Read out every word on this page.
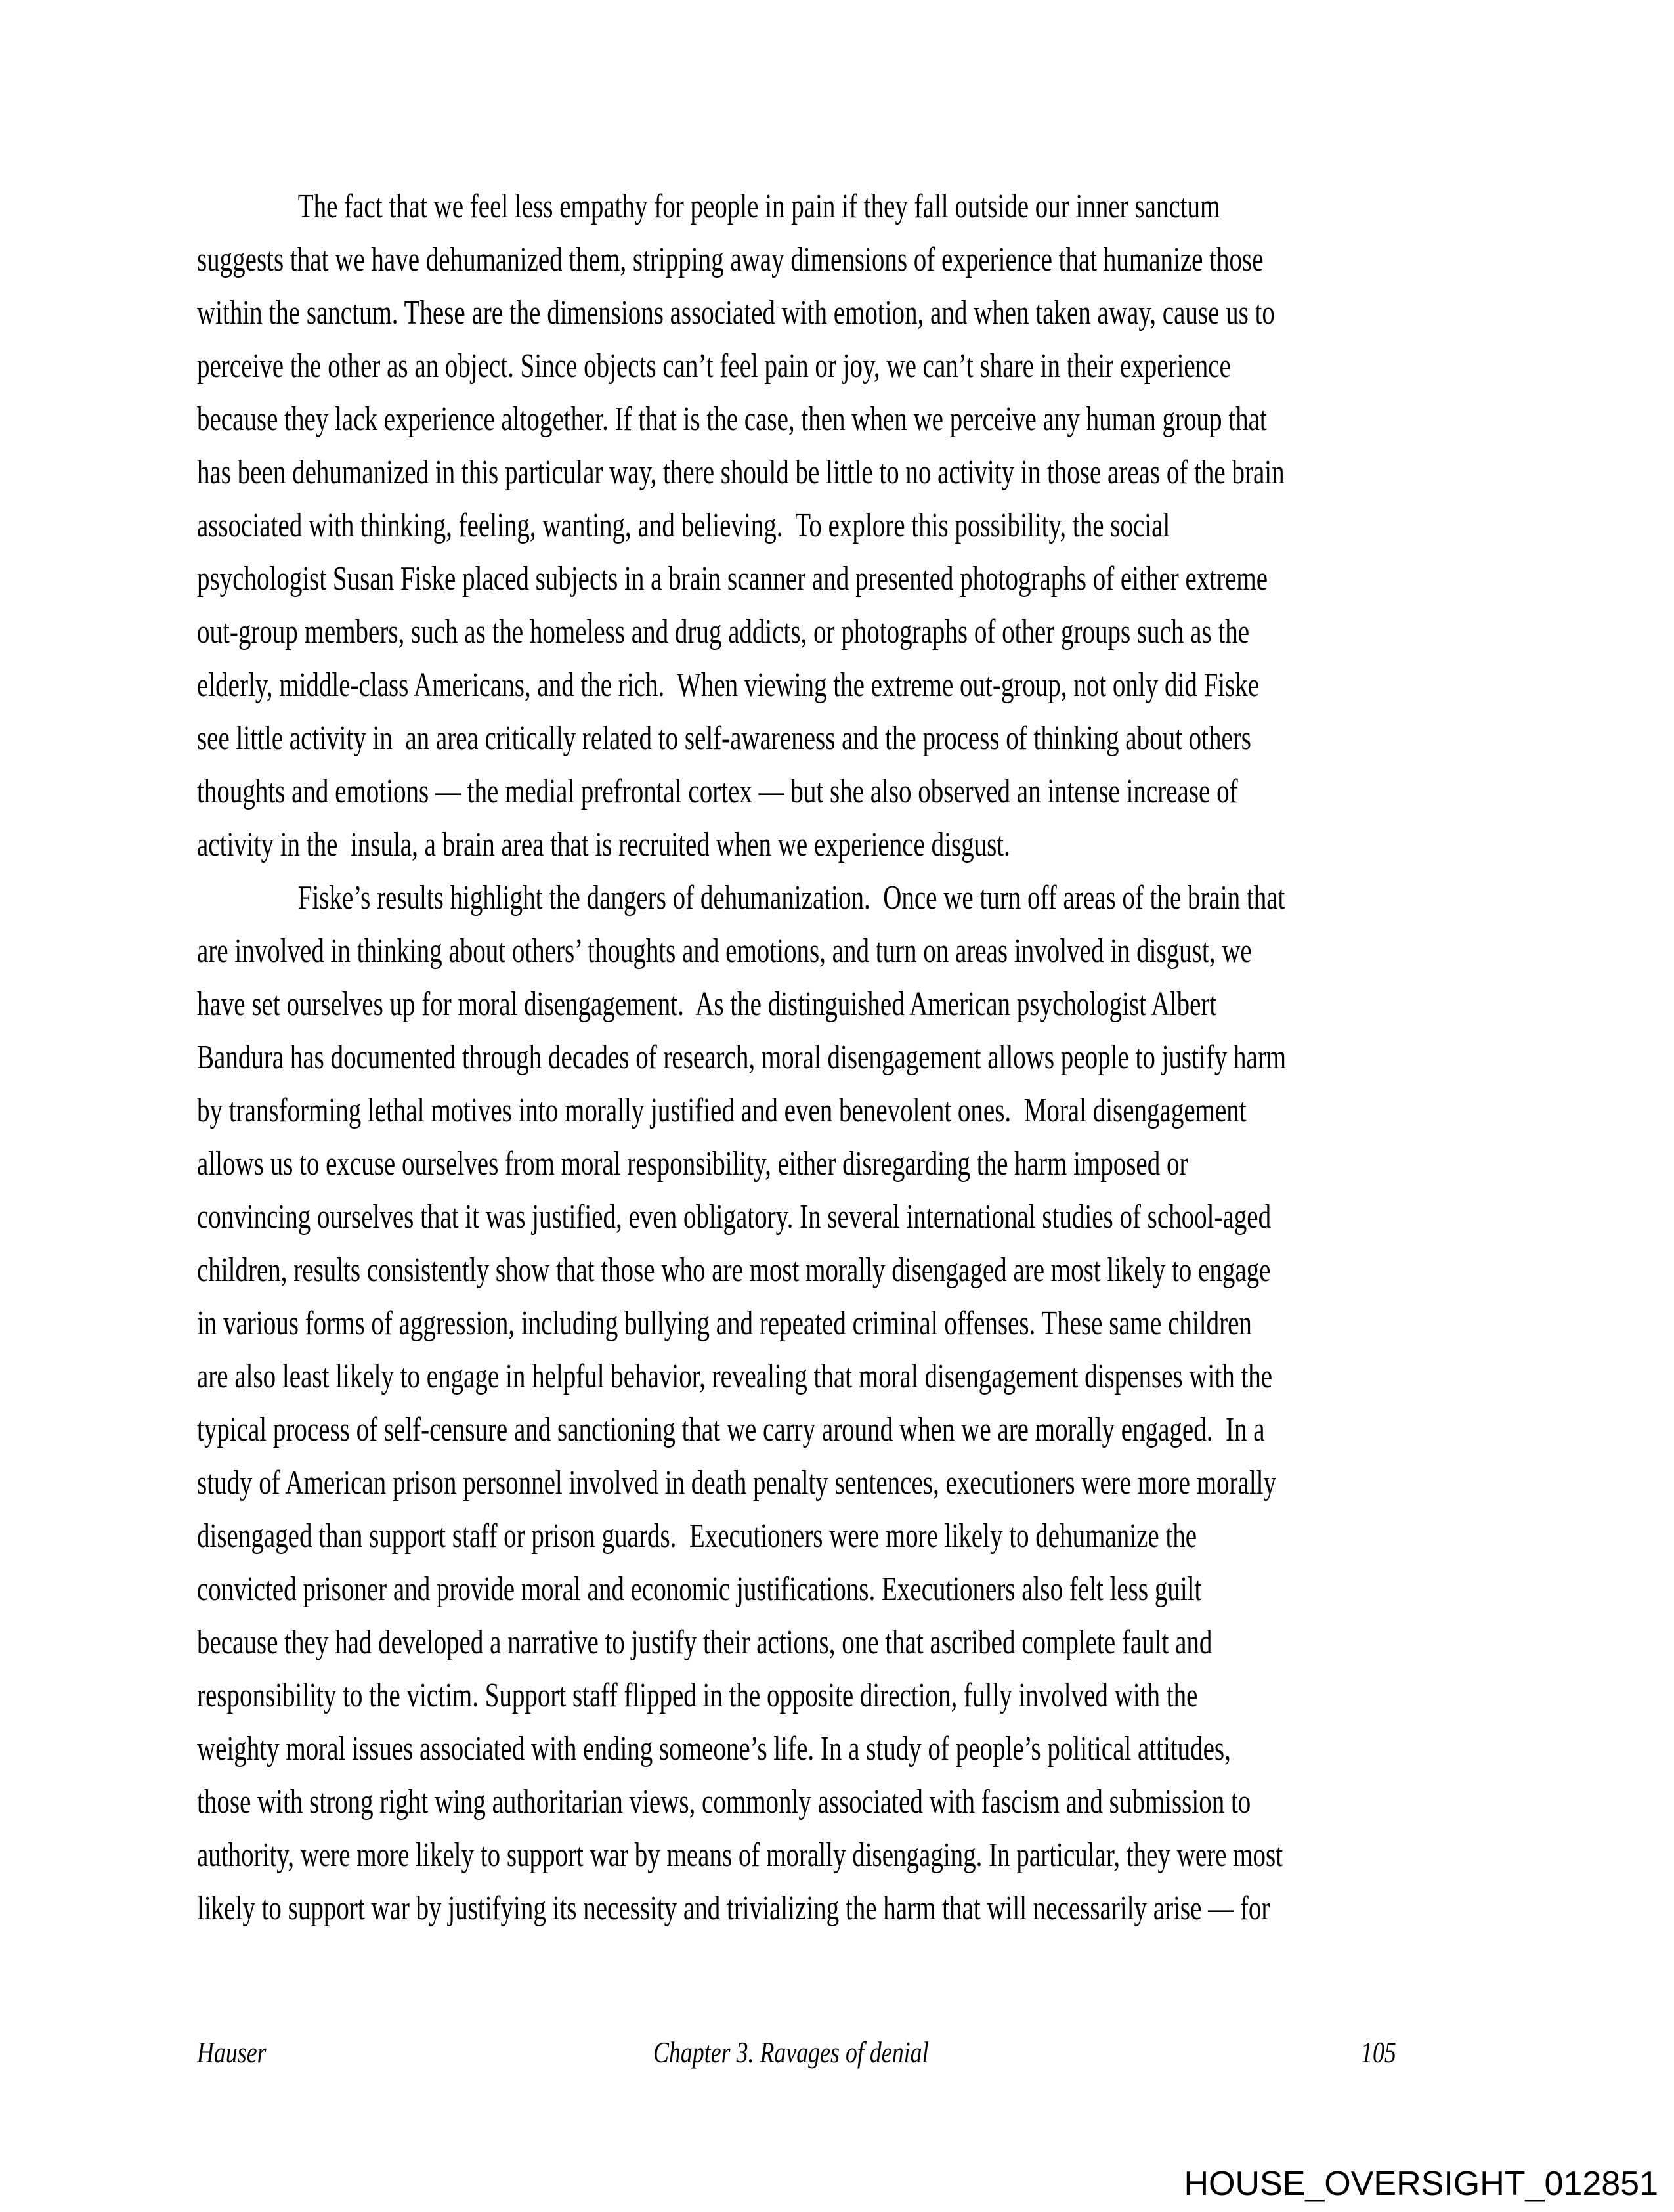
The fact that we feel less empathy for people in pain if they fall outside our inner sanctum
suggests that we have dehumanized them, stripping away dimensions of experience that humanize those
within the sanctum. These are the dimensions associated with emotion, and when taken away, cause us to
perceive the other as an object. Since objects can’t feel pain or joy, we can’t share in their experience
because they lack experience altogether. If that is the case, then when we perceive any human group that
has been dehumanized in this particular way, there should be little to no activity in those areas of the brain
associated with thinking, feeling, wanting, and believing.  To explore this possibility, the social
psychologist Susan Fiske placed subjects in a brain scanner and presented photographs of either extreme
out-group members, such as the homeless and drug addicts, or photographs of other groups such as the
elderly, middle-class Americans, and the rich.  When viewing the extreme out-group, not only did Fiske
see little activity in  an area critically related to self-awareness and the process of thinking about others
thoughts and emotions — the medial prefrontal cortex — but she also observed an intense increase of
activity in the  insula, a brain area that is recruited when we experience disgust.
Fiske’s results highlight the dangers of dehumanization.  Once we turn off areas of the brain that
are involved in thinking about others’ thoughts and emotions, and turn on areas involved in disgust, we
have set ourselves up for moral disengagement.  As the distinguished American psychologist Albert
Bandura has documented through decades of research, moral disengagement allows people to justify harm
by transforming lethal motives into morally justified and even benevolent ones.  Moral disengagement
allows us to excuse ourselves from moral responsibility, either disregarding the harm imposed or
convincing ourselves that it was justified, even obligatory. In several international studies of school-aged
children, results consistently show that those who are most morally disengaged are most likely to engage
in various forms of aggression, including bullying and repeated criminal offenses. These same children
are also least likely to engage in helpful behavior, revealing that moral disengagement dispenses with the
typical process of self-censure and sanctioning that we carry around when we are morally engaged.  In a
study of American prison personnel involved in death penalty sentences, executioners were more morally
disengaged than support staff or prison guards.  Executioners were more likely to dehumanize the
convicted prisoner and provide moral and economic justifications. Executioners also felt less guilt
because they had developed a narrative to justify their actions, one that ascribed complete fault and
responsibility to the victim. Support staff flipped in the opposite direction, fully involved with the
weighty moral issues associated with ending someone’s life. In a study of people’s political attitudes,
those with strong right wing authoritarian views, commonly associated with fascism and submission to
authority, were more likely to support war by means of morally disengaging. In particular, they were most
likely to support war by justifying its necessity and trivializing the harm that will necessarily arise — for
Hauser	Chapter 3. Ravages of denial	105
HOUSE_OVERSIGHT_012851
